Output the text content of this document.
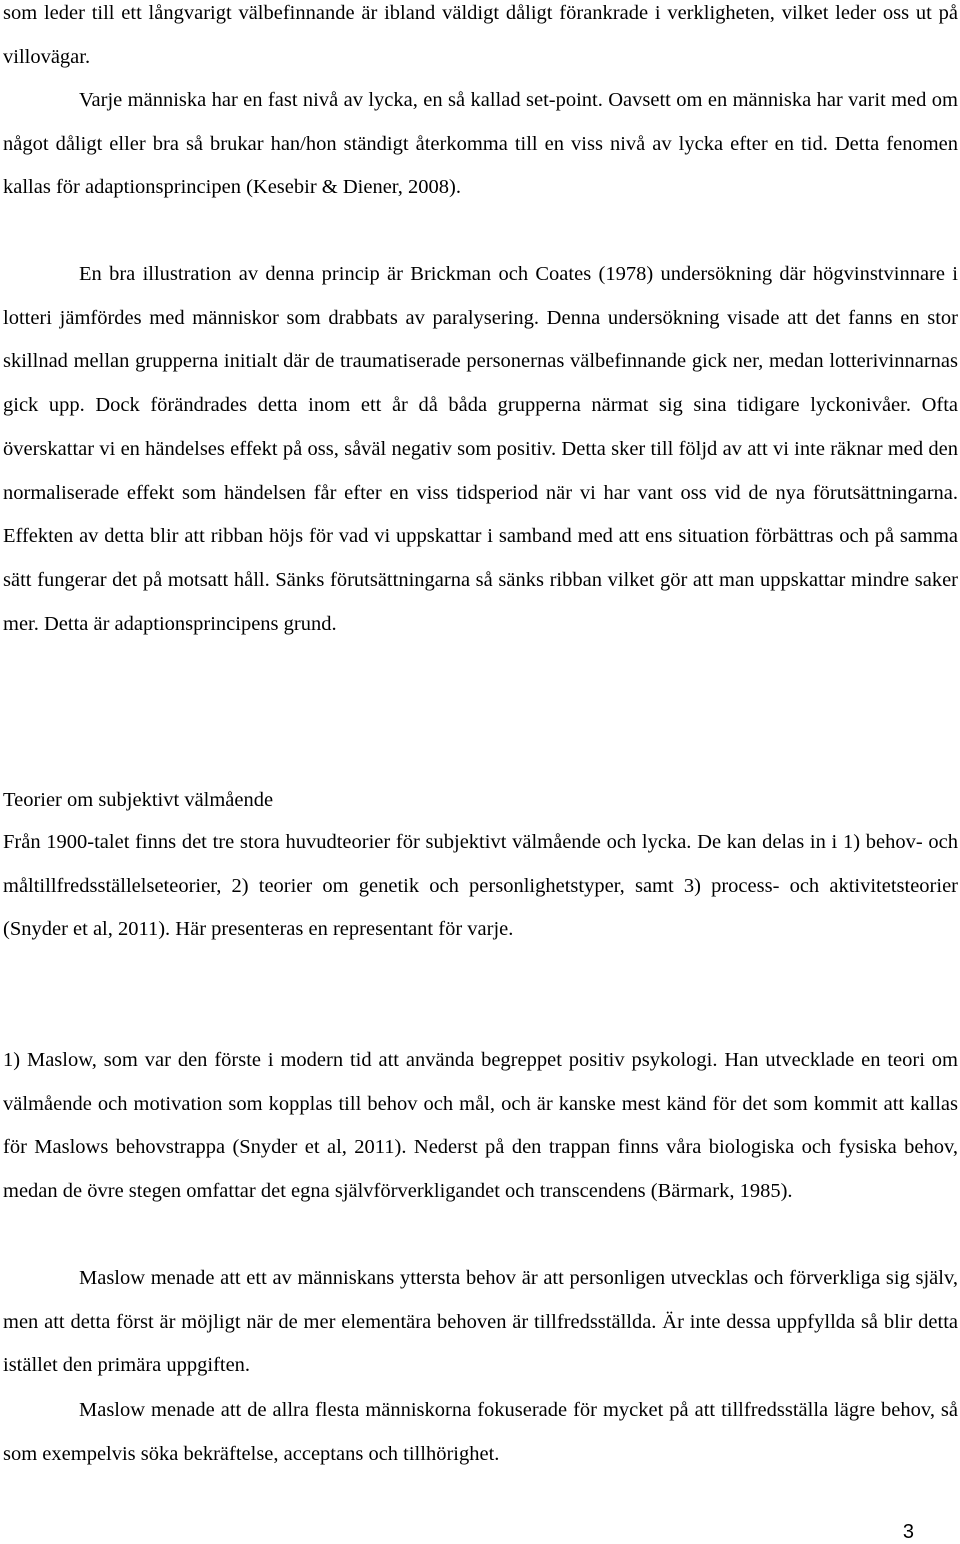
som leder till ett långvarigt välbefinnande är ibland väldigt dåligt förankrade i verkligheten, vilket leder oss ut på villovägar.

Varje människa har en fast nivå av lycka, en så kallad set-point. Oavsett om en människa har varit med om något dåligt eller bra så brukar han/hon ständigt återkomma till en viss nivå av lycka efter en tid. Detta fenomen kallas för adaptionsprincipen (Kesebir & Diener, 2008).

En bra illustration av denna princip är Brickman och Coates (1978) undersökning där högvinstvinnare i lotteri jämfördes med människor som drabbats av paralysering. Denna undersökning visade att det fanns en stor skillnad mellan grupperna initialt där de traumatiserade personernas välbefinnande gick ner, medan lotterivinnarnas gick upp. Dock förändrades detta inom ett år då båda grupperna närmat sig sina tidigare lyckonivåer. Ofta överskattar vi en händelses effekt på oss, såväl negativ som positiv. Detta sker till följd av att vi inte räknar med den normaliserade effekt som händelsen får efter en viss tidsperiod när vi har vant oss vid de nya förutsättningarna. Effekten av detta blir att ribban höjs för vad vi uppskattar i samband med att ens situation förbättras och på samma sätt fungerar det på motsatt håll. Sänks förutsättningarna så sänks ribban vilket gör att man uppskattar mindre saker mer. Detta är adaptionsprincipens grund.

Teorier om subjektivt välmående

Från 1900-talet finns det tre stora huvudteorier för subjektivt välmående och lycka. De kan delas in i 1) behov- och måltillfredsställelseteorier, 2) teorier om genetik och personlighetstyper, samt 3) process- och aktivitetsteorier (Snyder et al, 2011). Här presenteras en representant för varje.

1) Maslow, som var den förste i modern tid att använda begreppet positiv psykologi. Han utvecklade en teori om välmående och motivation som kopplas till behov och mål, och är kanske mest känd för det som kommit att kallas för Maslows behovstrappa (Snyder et al, 2011). Nederst på den trappan finns våra biologiska och fysiska behov, medan de övre stegen omfattar det egna självförverkligandet och transcendens (Bärmark, 1985).

Maslow menade att ett av människans yttersta behov är att personligen utvecklas och förverkliga sig själv, men att detta först är möjligt när de mer elementära behoven är tillfredsställda. Är inte dessa uppfyllda så blir detta istället den primära uppgiften.

Maslow menade att de allra flesta människorna fokuserade för mycket på att tillfredsställa lägre behov, så som exempelvis söka bekräftelse, acceptans och tillhörighet.

3
